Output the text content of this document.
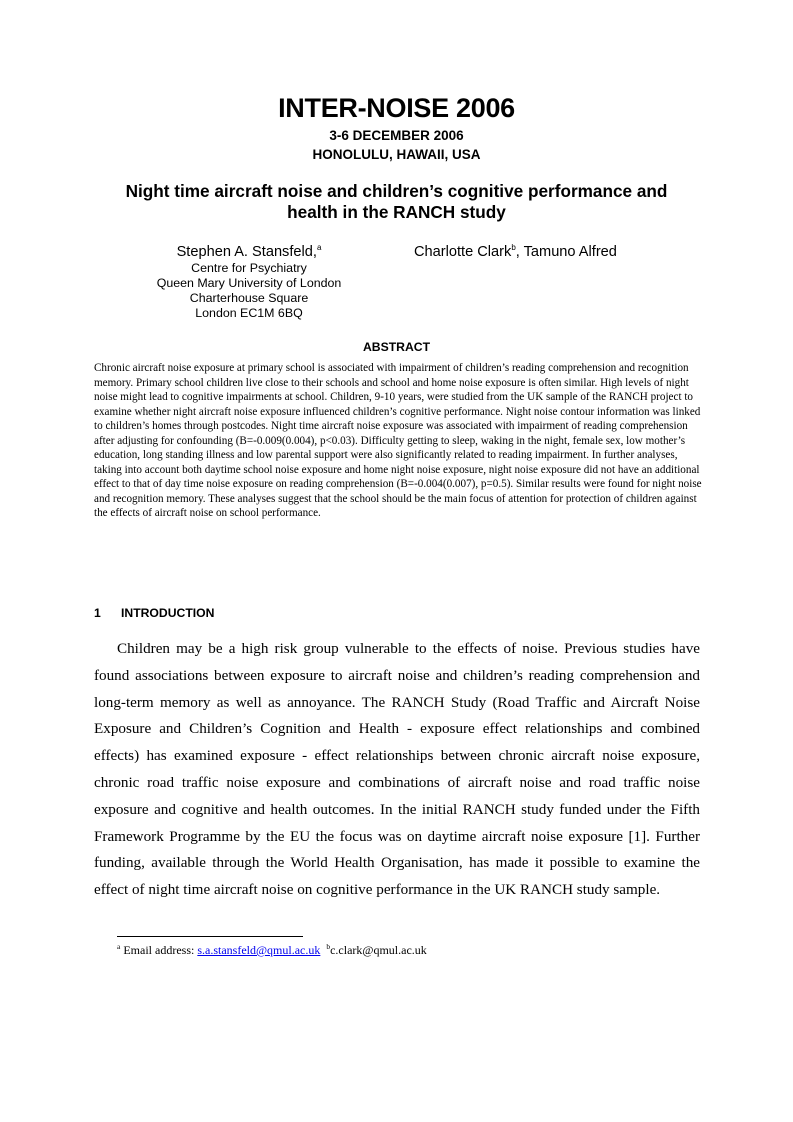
INTER-NOISE 2006
3-6 DECEMBER 2006
HONOLULU, HAWAII, USA
Night time aircraft noise and children’s cognitive performance and health in the RANCH study
Stephen A. Stansfeld,$^a$
Centre for Psychiatry
Queen Mary University of London
Charterhouse Square
London EC1M 6BQ
Charlotte Clark$^b$, Tamuno Alfred
ABSTRACT

Chronic aircraft noise exposure at primary school is associated with impairment of children’s reading comprehension and recognition memory. Primary school children live close to their schools and school and home noise exposure is often similar. High levels of night noise might lead to cognitive impairments at school. Children, 9-10 years, were studied from the UK sample of the RANCH project to examine whether night aircraft noise exposure influenced children’s cognitive performance. Night noise contour information was linked to children’s homes through postcodes. Night time aircraft noise exposure was associated with impairment of reading comprehension after adjusting for confounding (B=-0.009(0.004), p<0.03). Difficulty getting to sleep, waking in the night, female sex, low mother’s education, long standing illness and low parental support were also significantly related to reading impairment. In further analyses, taking into account both daytime school noise exposure and home night noise exposure, night noise exposure did not have an additional effect to that of day time noise exposure on reading comprehension (B=-0.004(0.007), p=0.5). Similar results were found for night noise and recognition memory. These analyses suggest that the school should be the main focus of attention for protection of children against the effects of aircraft noise on school performance.

1 INTRODUCTION

Children may be a high risk group vulnerable to the effects of noise. Previous studies have found associations between exposure to aircraft noise and children’s reading comprehension and long-term memory as well as annoyance. The RANCH Study (Road Traffic and Aircraft Noise Exposure and Children’s Cognition and Health - exposure effect relationships and combined effects) has examined exposure - effect relationships between chronic aircraft noise exposure, chronic road traffic noise exposure and combinations of aircraft noise and road traffic noise exposure and cognitive and health outcomes. In the initial RANCH study funded under the Fifth Framework Programme by the EU the focus was on daytime aircraft noise exposure [1]. Further funding, available through the World Health Organisation, has made it possible to examine the effect of night time aircraft noise on cognitive performance in the UK RANCH study sample.

$^a$ Email address: s.a.stansfeld@qmul.ac.uk $^b$c.clark@qmul.ac.uk
